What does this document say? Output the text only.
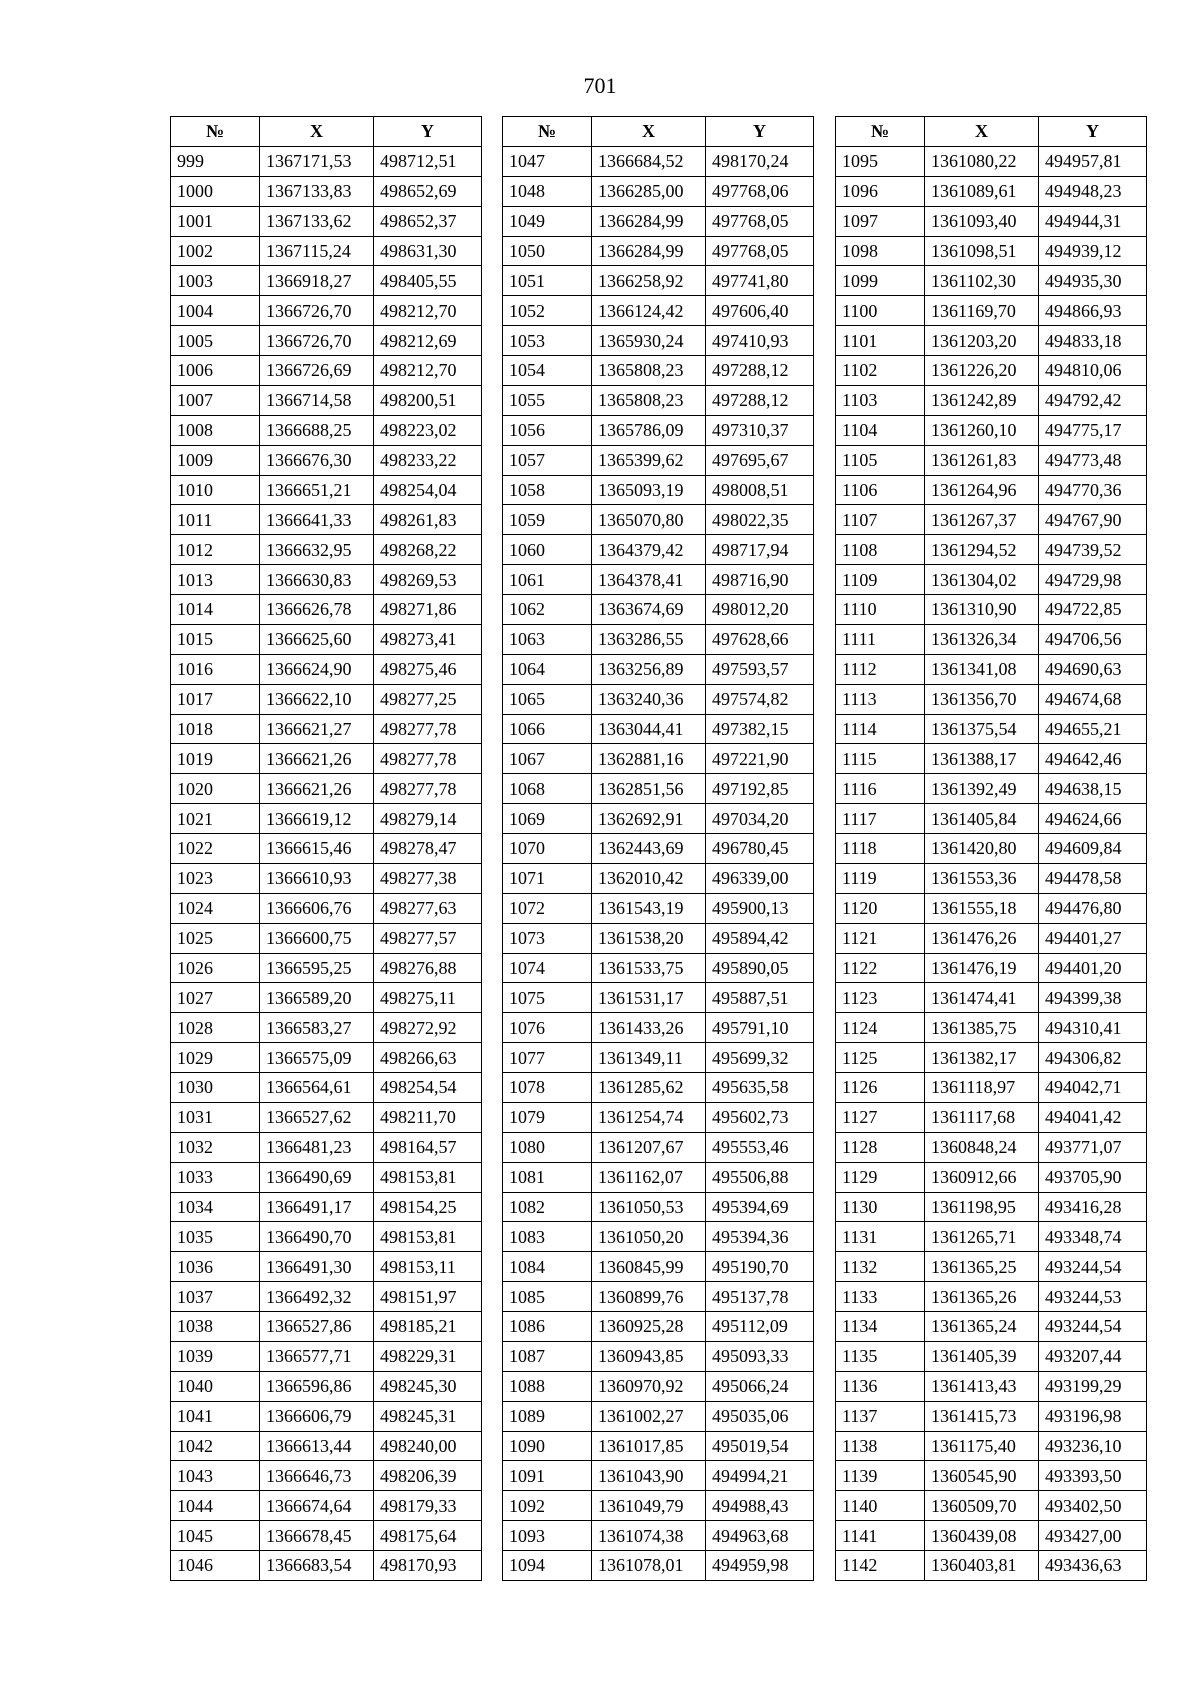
701
№	X	Y
999	1367171,53	498712,51
1000	1367133,83	498652,69
1001	1367133,62	498652,37
1002	1367115,24	498631,30
1003	1366918,27	498405,55
1004	1366726,70	498212,70
1005	1366726,70	498212,69
1006	1366726,69	498212,70
1007	1366714,58	498200,51
1008	1366688,25	498223,02
1009	1366676,30	498233,22
1010	1366651,21	498254,04
1011	1366641,33	498261,83
1012	1366632,95	498268,22
1013	1366630,83	498269,53
1014	1366626,78	498271,86
1015	1366625,60	498273,41
1016	1366624,90	498275,46
1017	1366622,10	498277,25
1018	1366621,27	498277,78
1019	1366621,26	498277,78
1020	1366621,26	498277,78
1021	1366619,12	498279,14
1022	1366615,46	498278,47
1023	1366610,93	498277,38
1024	1366606,76	498277,63
1025	1366600,75	498277,57
1026	1366595,25	498276,88
1027	1366589,20	498275,11
1028	1366583,27	498272,92
1029	1366575,09	498266,63
1030	1366564,61	498254,54
1031	1366527,62	498211,70
1032	1366481,23	498164,57
1033	1366490,69	498153,81
1034	1366491,17	498154,25
1035	1366490,70	498153,81
1036	1366491,30	498153,11
1037	1366492,32	498151,97
1038	1366527,86	498185,21
1039	1366577,71	498229,31
1040	1366596,86	498245,30
1041	1366606,79	498245,31
1042	1366613,44	498240,00
1043	1366646,73	498206,39
1044	1366674,64	498179,33
1045	1366678,45	498175,64
1046	1366683,54	498170,93
№	X	Y
1047	1366684,52	498170,24
1048	1366285,00	497768,06
1049	1366284,99	497768,05
1050	1366284,99	497768,05
1051	1366258,92	497741,80
1052	1366124,42	497606,40
1053	1365930,24	497410,93
1054	1365808,23	497288,12
1055	1365808,23	497288,12
1056	1365786,09	497310,37
1057	1365399,62	497695,67
1058	1365093,19	498008,51
1059	1365070,80	498022,35
1060	1364379,42	498717,94
1061	1364378,41	498716,90
1062	1363674,69	498012,20
1063	1363286,55	497628,66
1064	1363256,89	497593,57
1065	1363240,36	497574,82
1066	1363044,41	497382,15
1067	1362881,16	497221,90
1068	1362851,56	497192,85
1069	1362692,91	497034,20
1070	1362443,69	496780,45
1071	1362010,42	496339,00
1072	1361543,19	495900,13
1073	1361538,20	495894,42
1074	1361533,75	495890,05
1075	1361531,17	495887,51
1076	1361433,26	495791,10
1077	1361349,11	495699,32
1078	1361285,62	495635,58
1079	1361254,74	495602,73
1080	1361207,67	495553,46
1081	1361162,07	495506,88
1082	1361050,53	495394,69
1083	1361050,20	495394,36
1084	1360845,99	495190,70
1085	1360899,76	495137,78
1086	1360925,28	495112,09
1087	1360943,85	495093,33
1088	1360970,92	495066,24
1089	1361002,27	495035,06
1090	1361017,85	495019,54
1091	1361043,90	494994,21
1092	1361049,79	494988,43
1093	1361074,38	494963,68
1094	1361078,01	494959,98
№	X	Y
1095	1361080,22	494957,81
1096	1361089,61	494948,23
1097	1361093,40	494944,31
1098	1361098,51	494939,12
1099	1361102,30	494935,30
1100	1361169,70	494866,93
1101	1361203,20	494833,18
1102	1361226,20	494810,06
1103	1361242,89	494792,42
1104	1361260,10	494775,17
1105	1361261,83	494773,48
1106	1361264,96	494770,36
1107	1361267,37	494767,90
1108	1361294,52	494739,52
1109	1361304,02	494729,98
1110	1361310,90	494722,85
1111	1361326,34	494706,56
1112	1361341,08	494690,63
1113	1361356,70	494674,68
1114	1361375,54	494655,21
1115	1361388,17	494642,46
1116	1361392,49	494638,15
1117	1361405,84	494624,66
1118	1361420,80	494609,84
1119	1361553,36	494478,58
1120	1361555,18	494476,80
1121	1361476,26	494401,27
1122	1361476,19	494401,20
1123	1361474,41	494399,38
1124	1361385,75	494310,41
1125	1361382,17	494306,82
1126	1361118,97	494042,71
1127	1361117,68	494041,42
1128	1360848,24	493771,07
1129	1360912,66	493705,90
1130	1361198,95	493416,28
1131	1361265,71	493348,74
1132	1361365,25	493244,54
1133	1361365,26	493244,53
1134	1361365,24	493244,54
1135	1361405,39	493207,44
1136	1361413,43	493199,29
1137	1361415,73	493196,98
1138	1361175,40	493236,10
1139	1360545,90	493393,50
1140	1360509,70	493402,50
1141	1360439,08	493427,00
1142	1360403,81	493436,63
